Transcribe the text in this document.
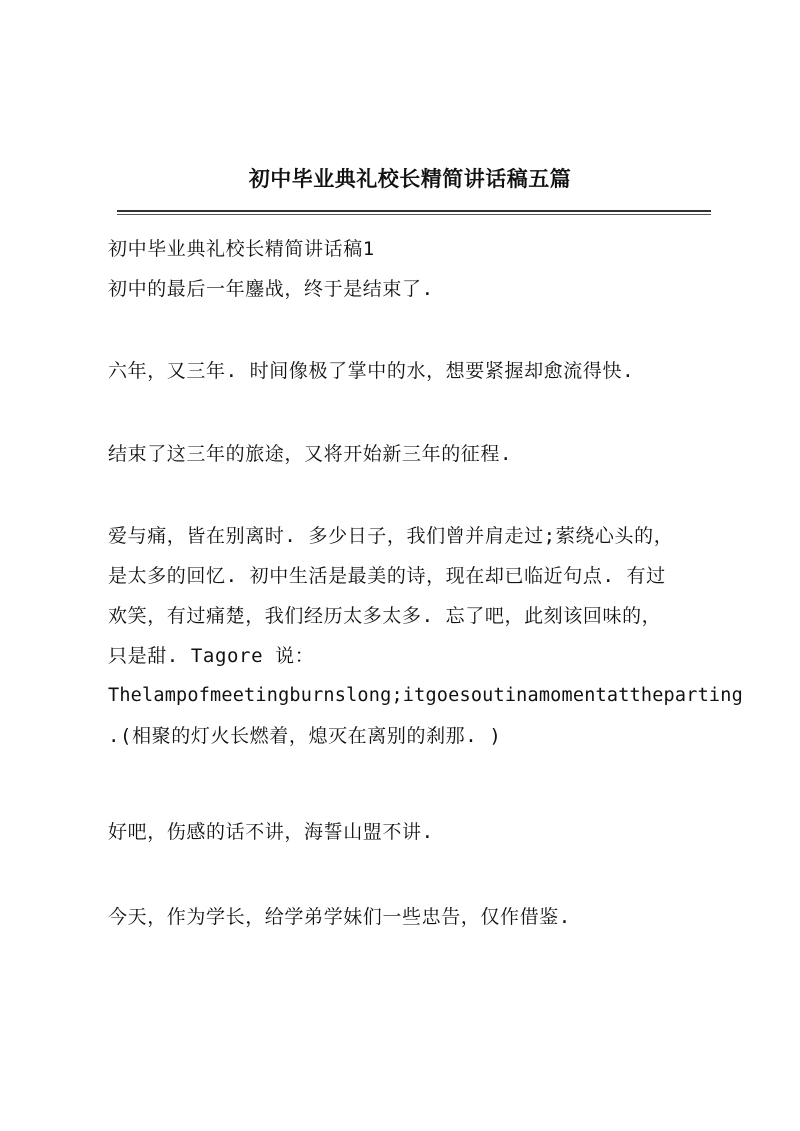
初中毕业典礼校长精简讲话稿五篇

初中毕业典礼校长精简讲话稿1

初中的最后一年鏖战，终于是结束了.

六年，又三年. 时间像极了掌中的水，想要紧握却愈流得快.

结束了这三年的旅途，又将开始新三年的征程.

爱与痛，皆在别离时. 多少日子，我们曾并肩走过;萦绕心头的，

是太多的回忆. 初中生活是最美的诗，现在却已临近句点. 有过

欢笑，有过痛楚，我们经历太多太多. 忘了吧，此刻该回味的，

只是甜. Tagore 说：

Thelampofmeetingburnslong;itgoesoutinamomentattheparting

.(相聚的灯火长燃着，熄灭在离别的刹那. )

好吧，伤感的话不讲，海誓山盟不讲.

今天，作为学长，给学弟学妹们一些忠告，仅作借鉴.
